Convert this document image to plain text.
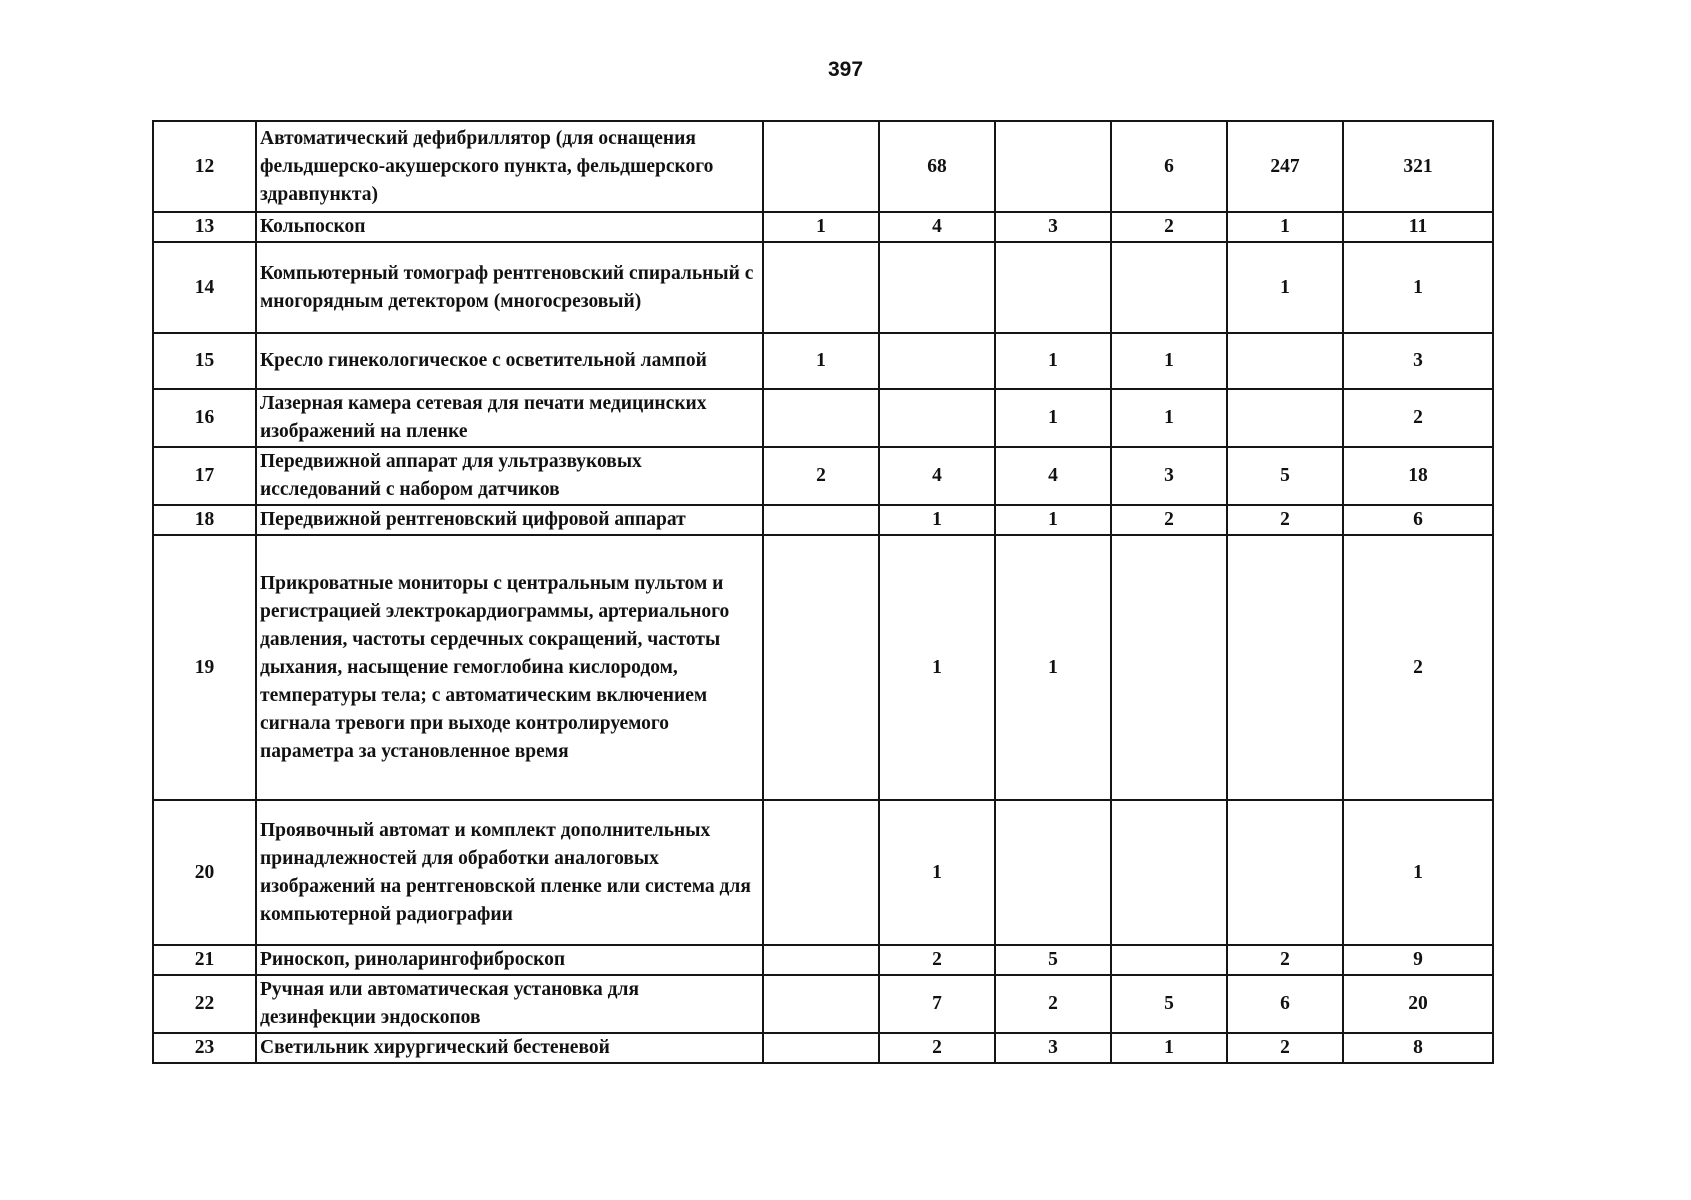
397
12	Автоматический дефибриллятор (для оснащения фельдшерско-акушерского пункта, фельдшерского здравпункта)		68		6	247	321
13	Кольпоскоп	1	4	3	2	1	11
14	Компьютерный томограф рентгеновский спиральный с многорядным детектором (многосрезовый)					1	1
15	Кресло гинекологическое с осветительной лампой	1		1	1		3
16	Лазерная камера сетевая для печати медицинских изображений на пленке			1	1		2
17	Передвижной аппарат для ультразвуковых исследований с набором датчиков	2	4	4	3	5	18
18	Передвижной рентгеновский цифровой аппарат		1	1	2	2	6
19	Прикроватные мониторы с центральным пультом и регистрацией электрокардиограммы, артериального давления, частоты сердечных сокращений, частоты дыхания, насыщение гемоглобина кислородом, температуры тела; с автоматическим включением сигнала тревоги при выходе контролируемого параметра за установленное время		1	1			2
20	Проявочный автомат и комплект дополнительных принадлежностей для обработки аналоговых изображений на рентгеновской пленке или система для компьютерной радиографии		1				1
21	Риноскоп, риноларингофиброскоп		2	5		2	9
22	Ручная или автоматическая установка для дезинфекции эндоскопов		7	2	5	6	20
23	Светильник хирургический бестеневой		2	3	1	2	8
